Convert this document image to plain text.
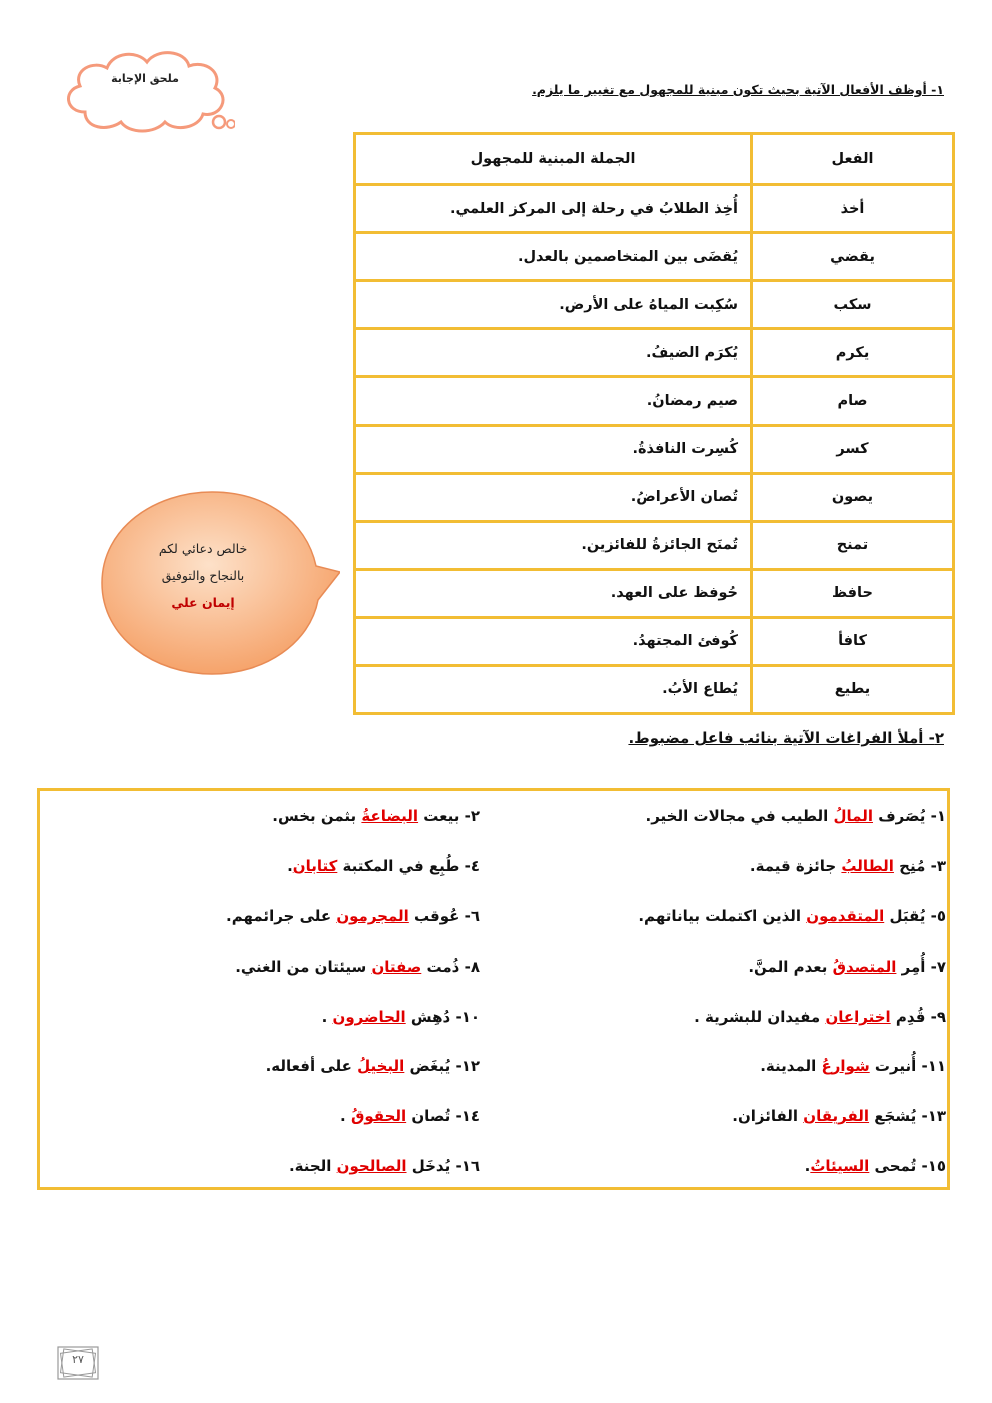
ملحق الإجابة
١- أوظف الأفعال الآتية بحيث تكون مبنية للمجهول مع تغيير ما يلزم.
الفعل	الجملة المبنية للمجهول
أخذ	أُخِذ الطلابُ في رحلة إلى المركز العلمي.
يقضي	يُقضَى بين المتخاصمين بالعدل.
سكب	سُكِبت المياهُ على الأرض.
يكرم	يُكرَم الضيفُ.
صام	صيم رمضانُ.
كسر	كُسِرت النافذةُ.
يصون	تُصان الأعراضُ.
تمنح	تُمنَح الجائزةُ للفائزين.
حافظ	حُوفظ على العهد.
كافأ	كُوفئ المجتهدُ.
يطيع	يُطاع الأبُ.
خالص دعائي لكم
بالنجاح والتوفيق
إيمان علي
٢- أملأ الفراغات الآتية بنائب فاعل مضبوط.
١- يُصَرف المالُ الطيب في مجالات الخير.
٣- مُنِح الطالبُ جائزة قيمة.
٥- يُقبَل المتقدمون الذين اكتملت بياناتهم.
٧- أُمِر المتصدقُ بعدم المنَّ.
٩- قُدِم اختراعان مفيدان للبشرية .
١١- أُنيرت شوارعُ المدينة.
١٣- يُشجَع الفريقان الفائزان.
١٥- تُمحى السيئاتُ.
٢- بيعت البضاعةُ بثمن بخس.
٤- طُبِع في المكتبة كتابان.
٦- عُوقب المجرمون على جرائمهم.
٨- ذُمت صفتان سيئتان من الغني.
١٠- دُهِش الحاضرون .
١٢- يُبغَض البخيلُ على أفعاله.
١٤- تُصان الحقوقُ .
١٦- يُدخَل الصالحون الجنة.
٢٧
